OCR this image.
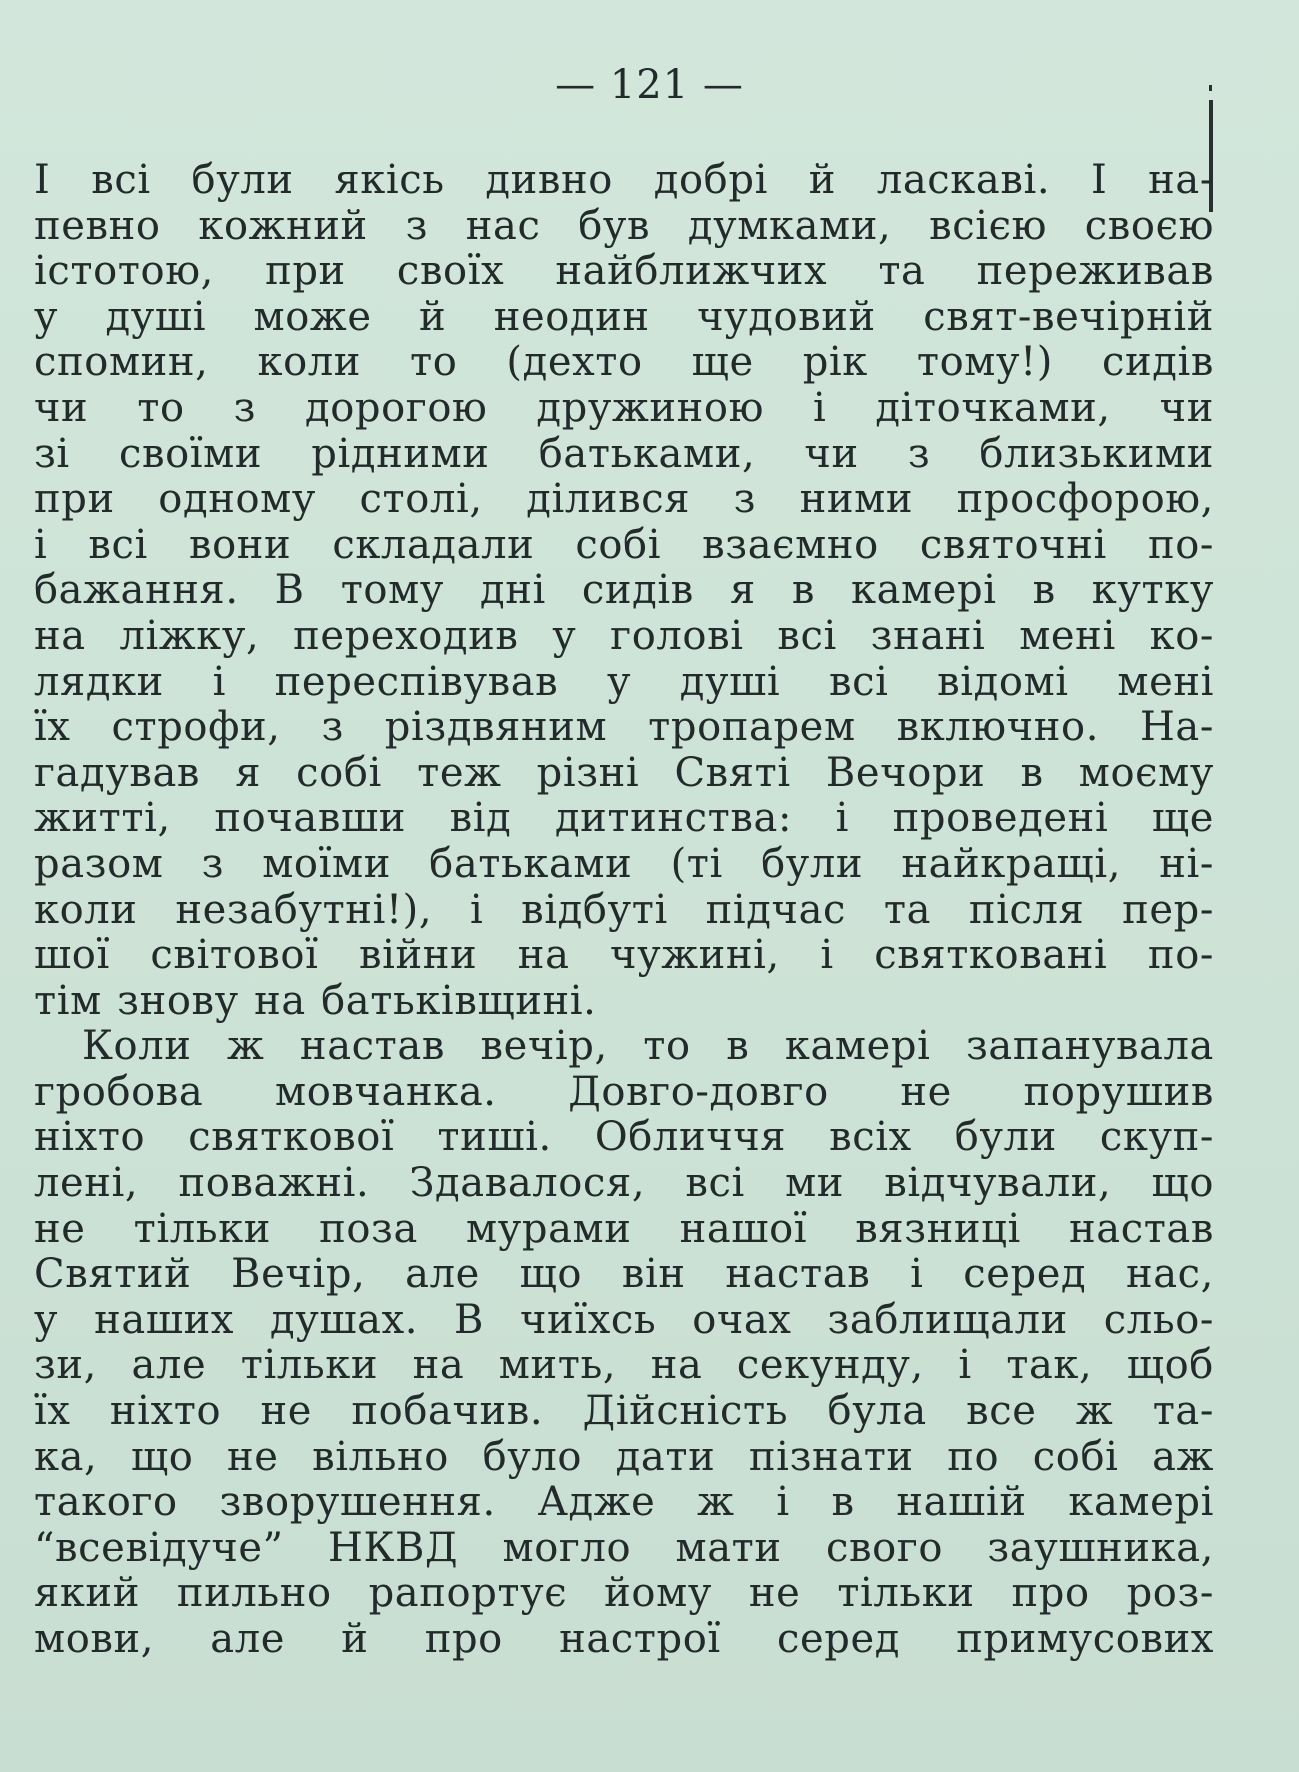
— 121 —
І всі були якісь дивно добрі й ласкаві. І на-
певно кожний з нас був думками, всією своєю
істотою, при своїх найближчих та переживав
у душі може й неодин чудовий свят-вечірній
спомин, коли то (дехто ще рік тому!) сидів
чи то з дорогою дружиною і діточками, чи
зі своїми рідними батьками, чи з близькими
при одному столі, ділився з ними просфорою,
і всі вони складали собі взаємно святочні по-
бажання. В тому дні сидів я в камері в кутку
на ліжку, переходив у голові всі знані мені ко-
лядки і переспівував у душі всі відомі мені
їх строфи, з різдвяним тропарем включно. На-
гадував я собі теж різні Святі Вечори в моєму
житті, почавши від дитинства: і проведені ще
разом з моїми батьками (ті були найкращі, ні-
коли незабутні!), і відбуті підчас та після пер-
шої світової війни на чужині, і святковані по-
тім знову на батьківщині.
Коли ж настав вечір, то в камері запанувала
гробова мовчанка. Довго-довго не порушив
ніхто святкової тиші. Обличчя всіх були скуп-
лені, поважні. Здавалося, всі ми відчували, що
не тільки поза мурами нашої вязниці настав
Святий Вечір, але що він настав і серед нас,
у наших душах. В чиїхсь очах заблищали сльо-
зи, але тільки на мить, на секунду, і так, щоб
їх ніхто не побачив. Дійсність була все ж та-
ка, що не вільно було дати пізнати по собі аж
такого зворушення. Адже ж і в нашій камері
“всевідуче” НКВД могло мати свого заушника,
який пильно рапортує йому не тільки про роз-
мови, але й про настрої серед примусових
